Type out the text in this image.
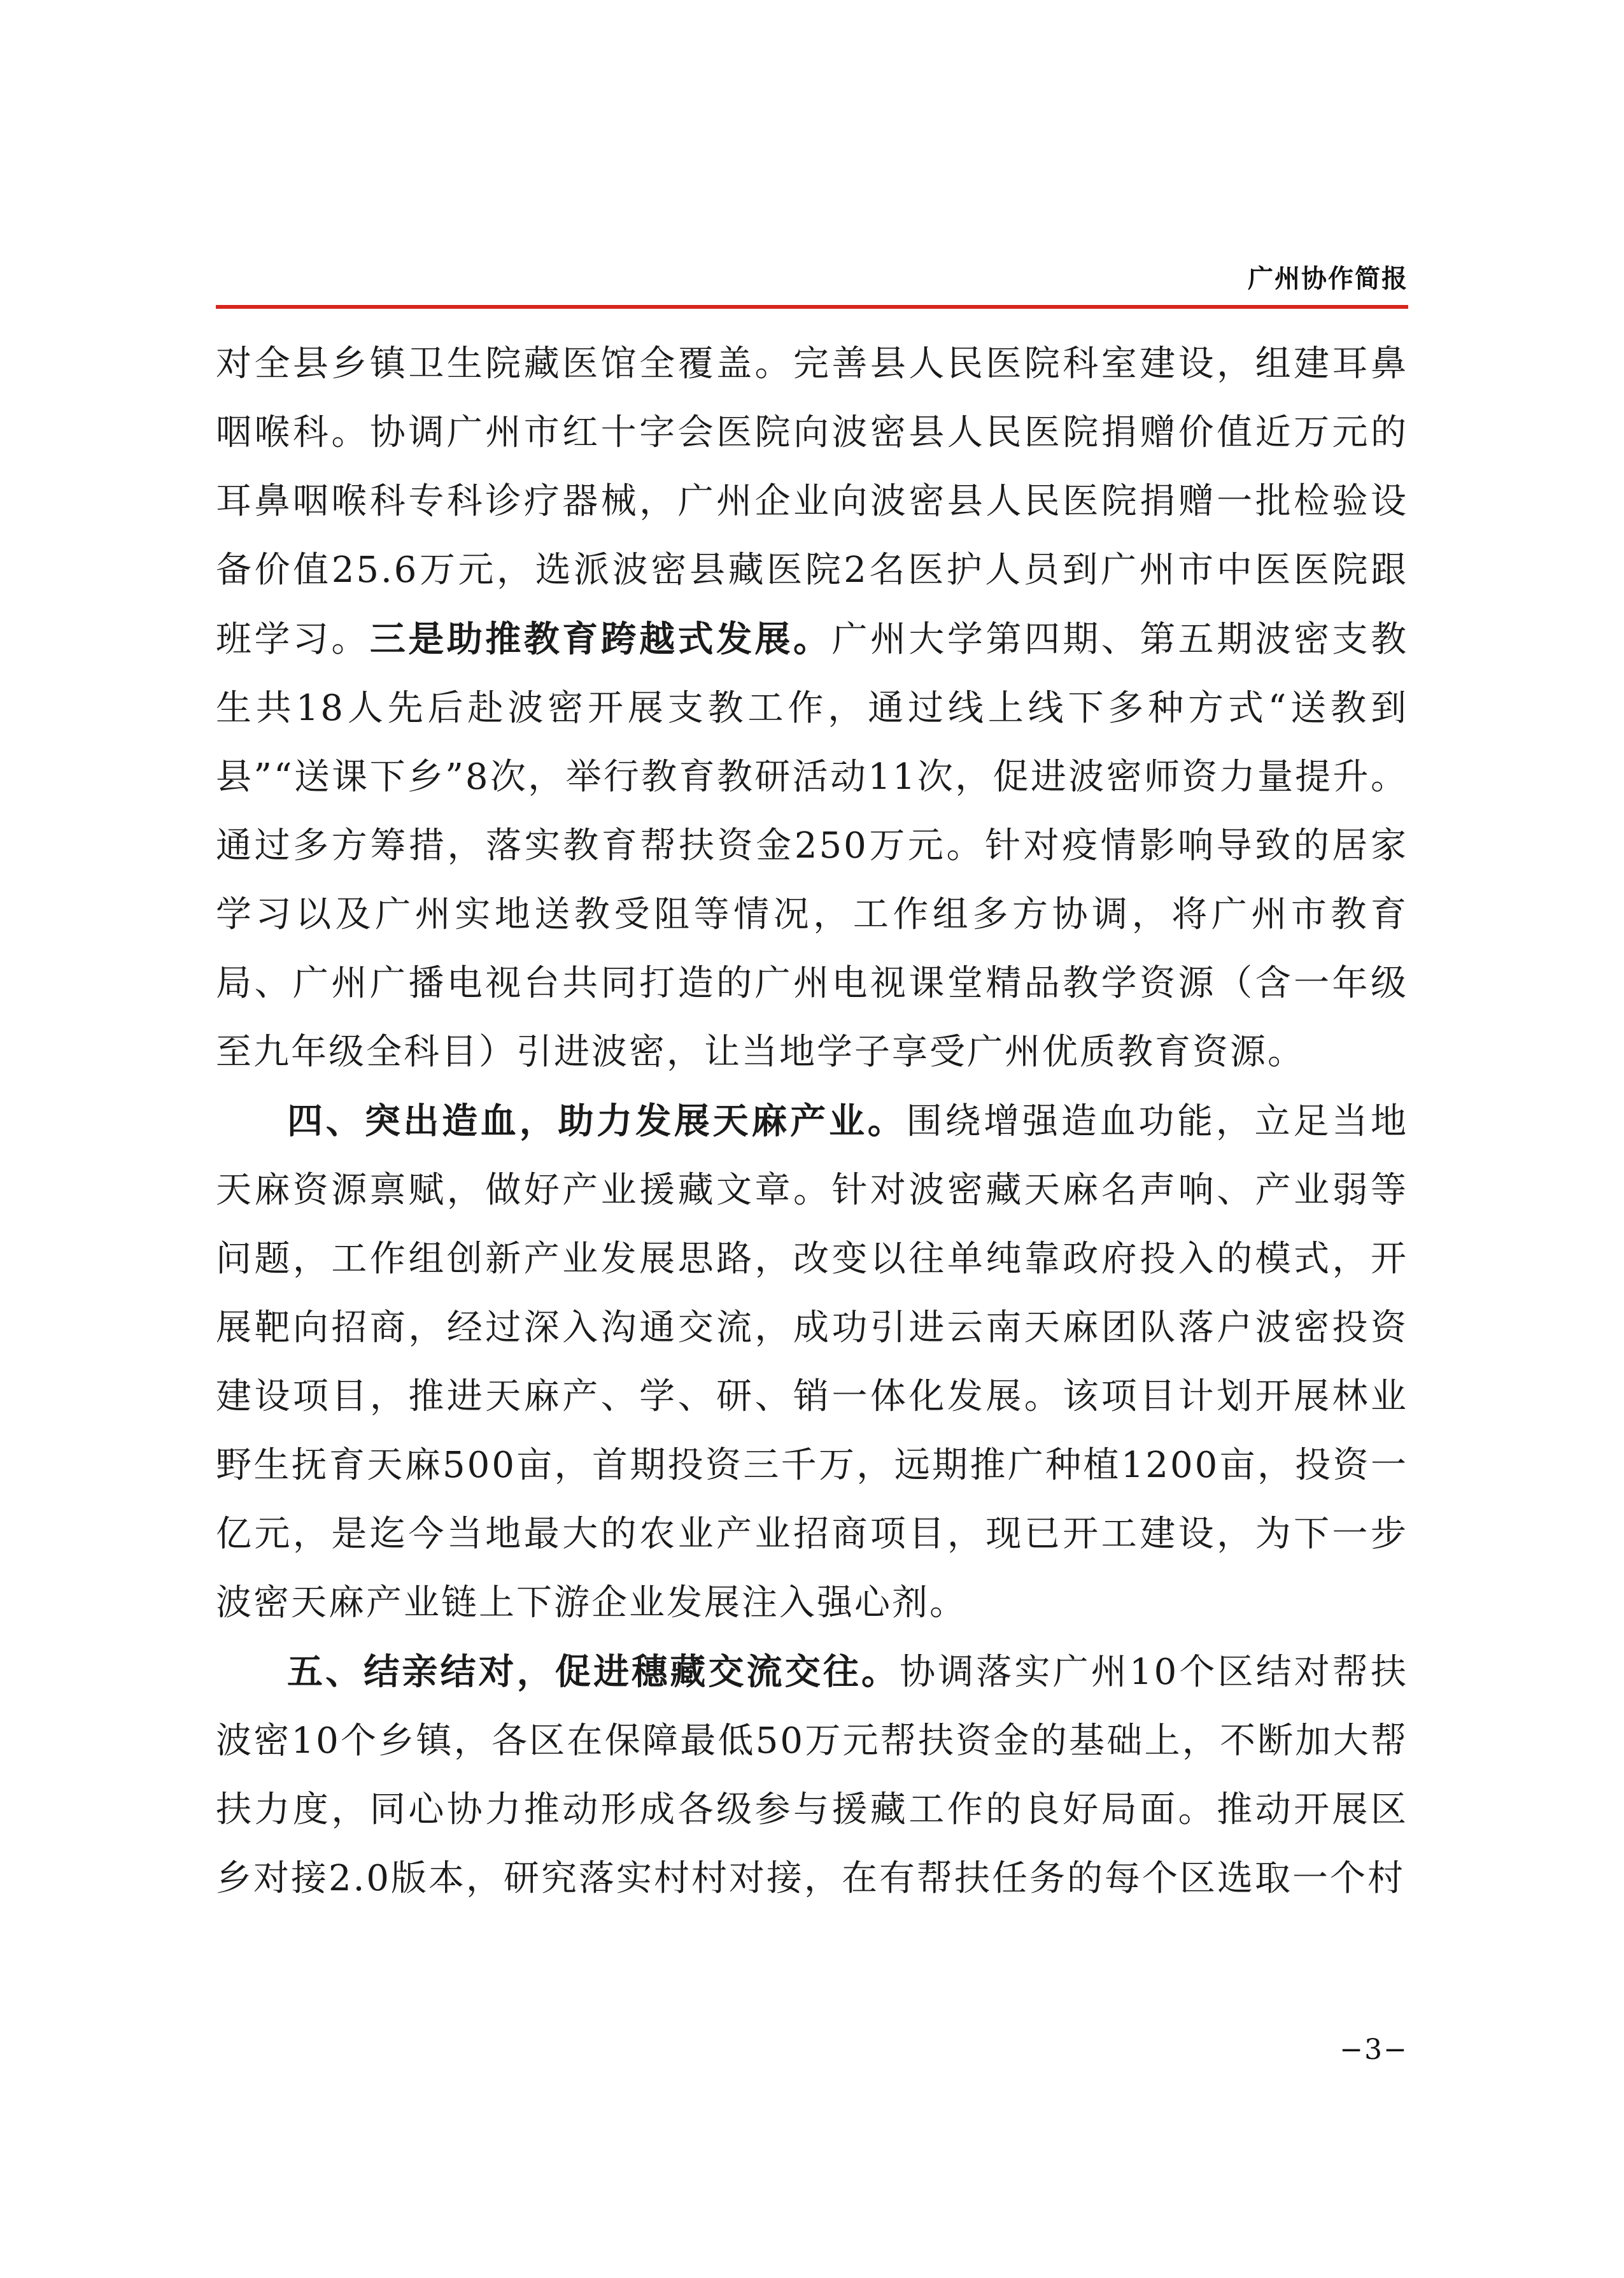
广州协作简报

对全县乡镇卫生院藏医馆全覆盖。完善县人民医院科室建设，组建耳鼻咽喉科。协调广州市红十字会医院向波密县人民医院捐赠价值近万元的耳鼻咽喉科专科诊疗器械，广州企业向波密县人民医院捐赠一批检验设备价值25.6万元，选派波密县藏医院2名医护人员到广州市中医医院跟班学习。三是助推教育跨越式发展。广州大学第四期、第五期波密支教生共18人先后赴波密开展支教工作，通过线上线下多种方式“送教到县”“送课下乡”8次，举行教育教研活动11次，促进波密师资力量提升。通过多方筹措，落实教育帮扶资金250万元。针对疫情影响导致的居家学习以及广州实地送教受阻等情况，工作组多方协调，将广州市教育局、广州广播电视台共同打造的广州电视课堂精品教学资源（含一年级至九年级全科目）引进波密，让当地学子享受广州优质教育资源。

四、突出造血，助力发展天麻产业。围绕增强造血功能，立足当地天麻资源禀赋，做好产业援藏文章。针对波密藏天麻名声响、产业弱等问题，工作组创新产业发展思路，改变以往单纯靠政府投入的模式，开展靶向招商，经过深入沟通交流，成功引进云南天麻团队落户波密投资建设项目，推进天麻产、学、研、销一体化发展。该项目计划开展林业野生抚育天麻500亩，首期投资三千万，远期推广种植1200亩，投资一亿元，是迄今当地最大的农业产业招商项目，现已开工建设，为下一步波密天麻产业链上下游企业发展注入强心剂。

五、结亲结对，促进穗藏交流交往。协调落实广州10个区结对帮扶波密10个乡镇，各区在保障最低50万元帮扶资金的基础上，不断加大帮扶力度，同心协力推动形成各级参与援藏工作的良好局面。推动开展区乡对接2.0版本，研究落实村村对接，在有帮扶任务的每个区选取一个村

−3−
